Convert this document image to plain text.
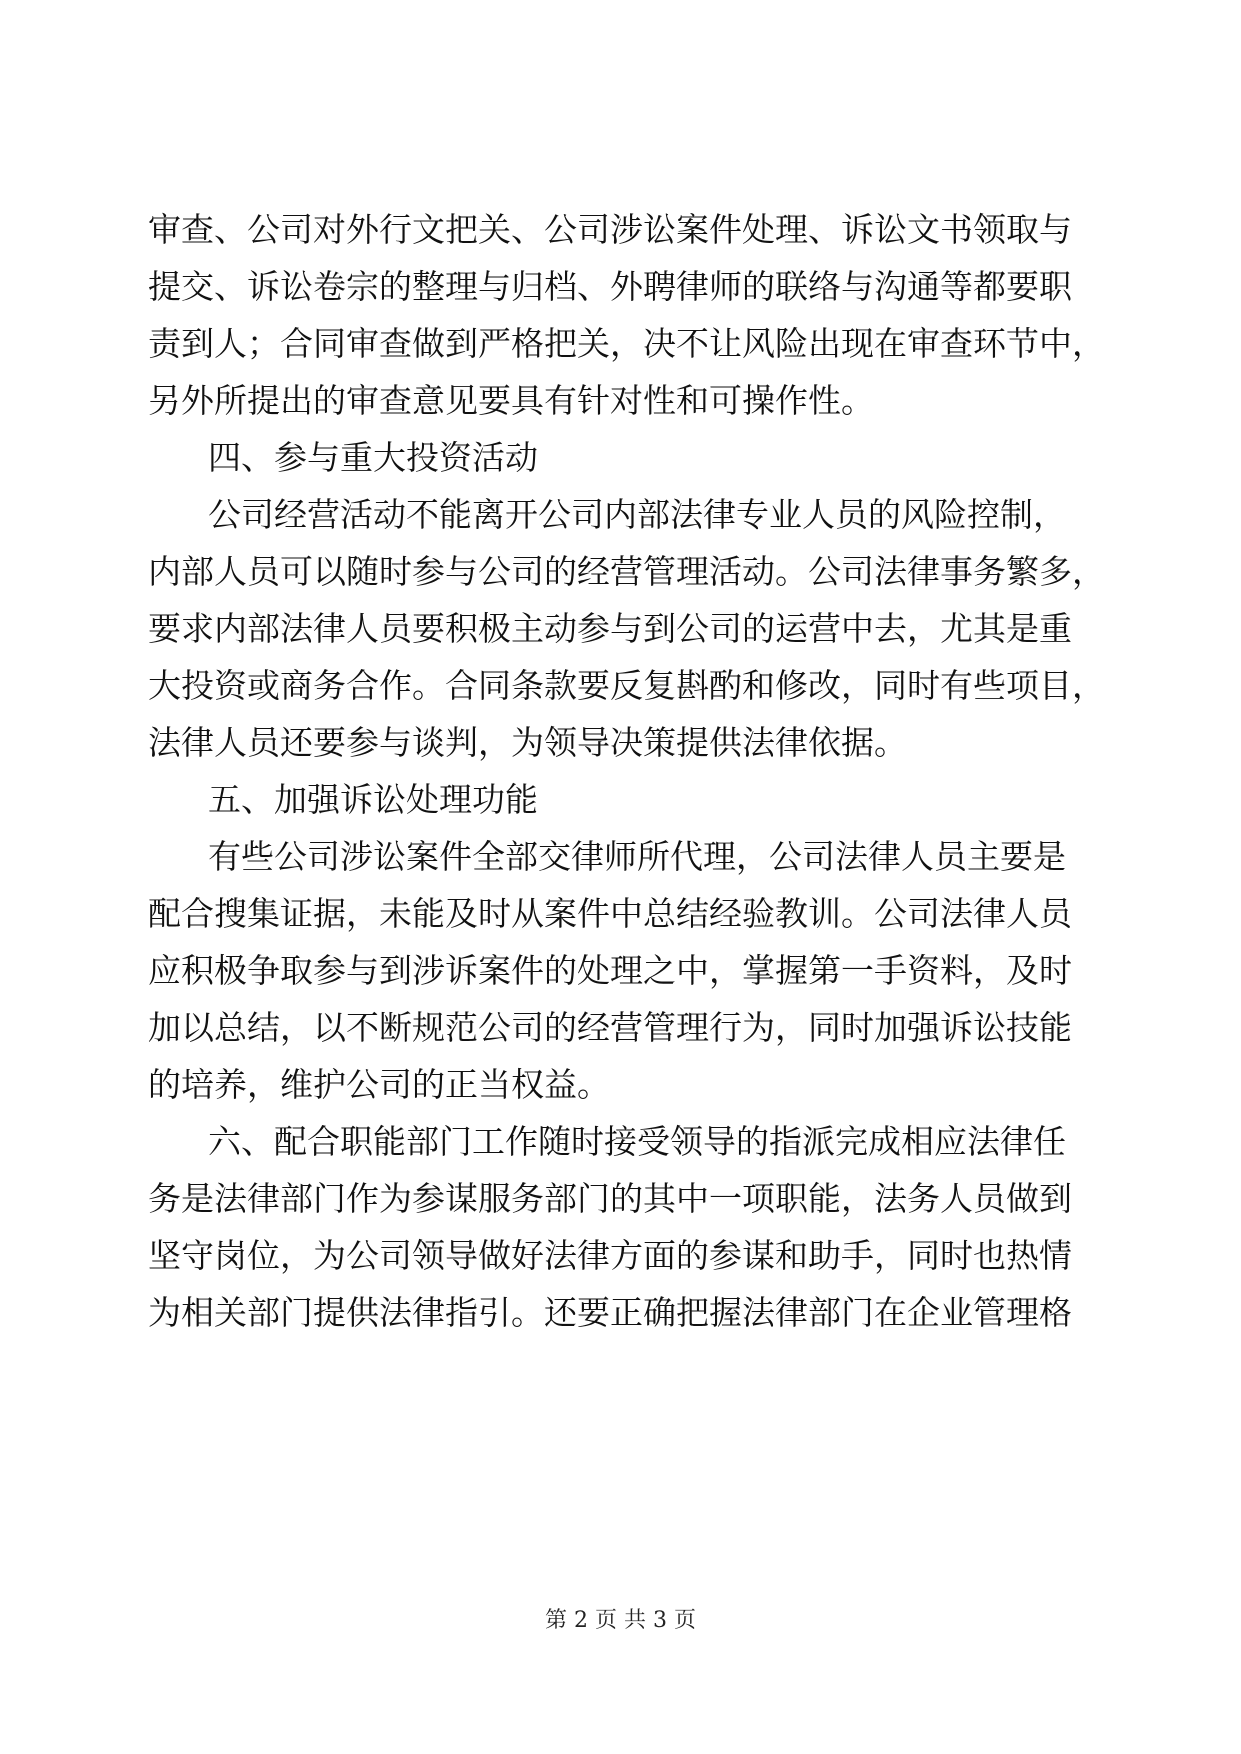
审查、公司对外行文把关、公司涉讼案件处理、诉讼文书领取与
提交、诉讼卷宗的整理与归档、外聘律师的联络与沟通等都要职
责到人；合同审查做到严格把关，决不让风险出现在审查环节中，
另外所提出的审查意见要具有针对性和可操作性。
四、参与重大投资活动
公司经营活动不能离开公司内部法律专业人员的风险控制，
内部人员可以随时参与公司的经营管理活动。公司法律事务繁多，
要求内部法律人员要积极主动参与到公司的运营中去，尤其是重
大投资或商务合作。合同条款要反复斟酌和修改，同时有些项目，
法律人员还要参与谈判，为领导决策提供法律依据。
五、加强诉讼处理功能
有些公司涉讼案件全部交律师所代理，公司法律人员主要是
配合搜集证据，未能及时从案件中总结经验教训。公司法律人员
应积极争取参与到涉诉案件的处理之中，掌握第一手资料，及时
加以总结，以不断规范公司的经营管理行为，同时加强诉讼技能
的培养，维护公司的正当权益。
六、配合职能部门工作随时接受领导的指派完成相应法律任
务是法律部门作为参谋服务部门的其中一项职能，法务人员做到
坚守岗位，为公司领导做好法律方面的参谋和助手，同时也热情
为相关部门提供法律指引。还要正确把握法律部门在企业管理格
第 2 页 共 3 页
